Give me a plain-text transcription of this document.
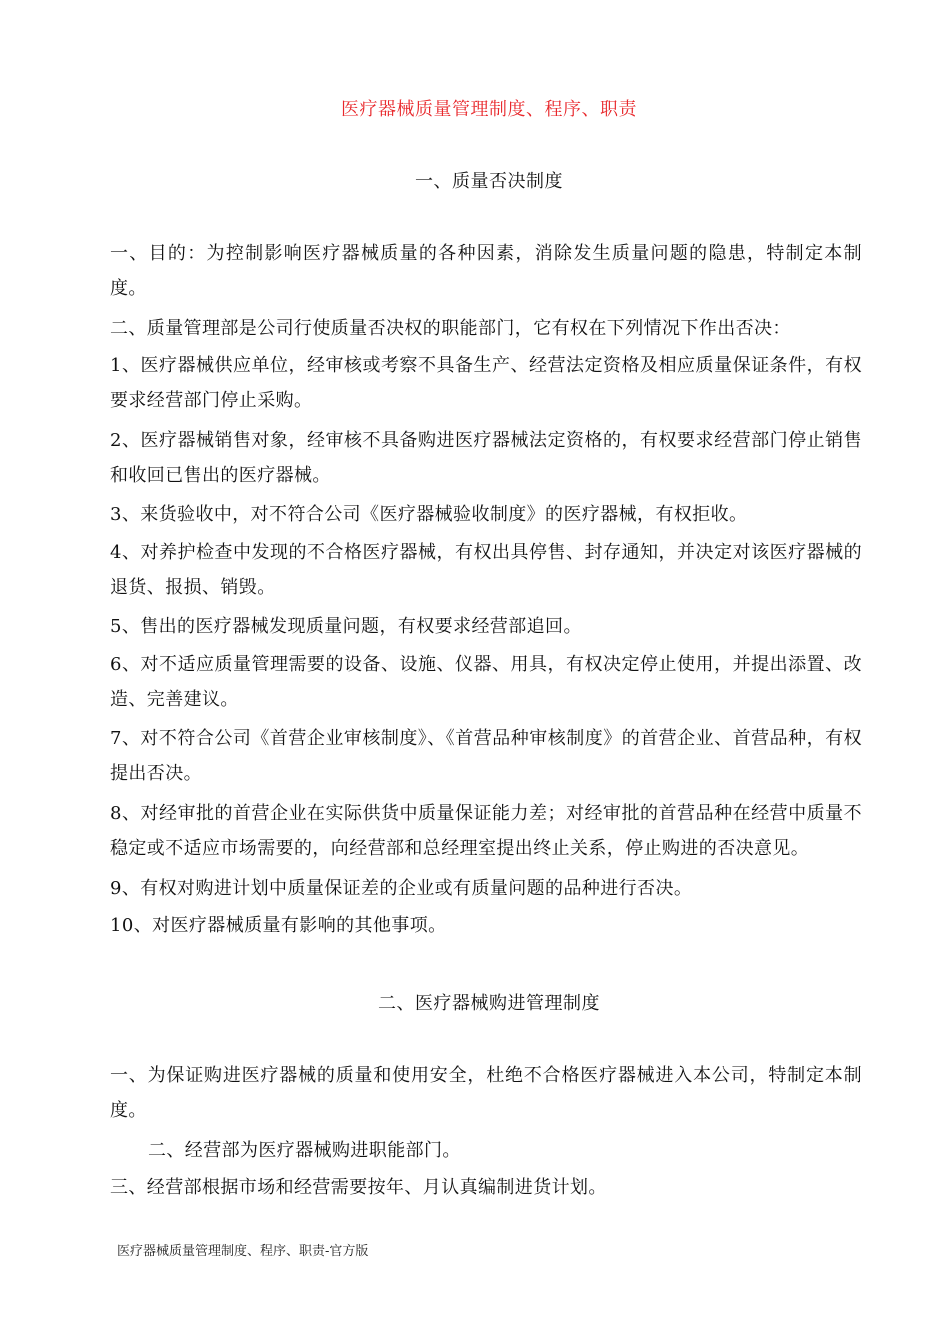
医疗器械质量管理制度、程序、职责
一、质量否决制度
一、目的：为控制影响医疗器械质量的各种因素，消除发生质量问题的隐患，特制定本制度。
二、质量管理部是公司行使质量否决权的职能部门，它有权在下列情况下作出否决：
1、医疗器械供应单位，经审核或考察不具备生产、经营法定资格及相应质量保证条件，有权要求经营部门停止采购。
2、医疗器械销售对象，经审核不具备购进医疗器械法定资格的，有权要求经营部门停止销售和收回已售出的医疗器械。
3、来货验收中，对不符合公司《医疗器械验收制度》的医疗器械，有权拒收。
4、对养护检查中发现的不合格医疗器械，有权出具停售、封存通知，并决定对该医疗器械的退货、报损、销毁。
5、售出的医疗器械发现质量问题，有权要求经营部追回。
6、对不适应质量管理需要的设备、设施、仪器、用具，有权决定停止使用，并提出添置、改造、完善建议。
7、对不符合公司《首营企业审核制度》、《首营品种审核制度》的首营企业、首营品种，有权提出否决。
8、对经审批的首营企业在实际供货中质量保证能力差；对经审批的首营品种在经营中质量不稳定或不适应市场需要的，向经营部和总经理室提出终止关系，停止购进的否决意见。
9、有权对购进计划中质量保证差的企业或有质量问题的品种进行否决。
10、对医疗器械质量有影响的其他事项。
二、医疗器械购进管理制度
一、为保证购进医疗器械的质量和使用安全，杜绝不合格医疗器械进入本公司，特制定本制度。
二、经营部为医疗器械购进职能部门。
三、经营部根据市场和经营需要按年、月认真编制进货计划。
医疗器械质量管理制度、程序、职责-官方版
